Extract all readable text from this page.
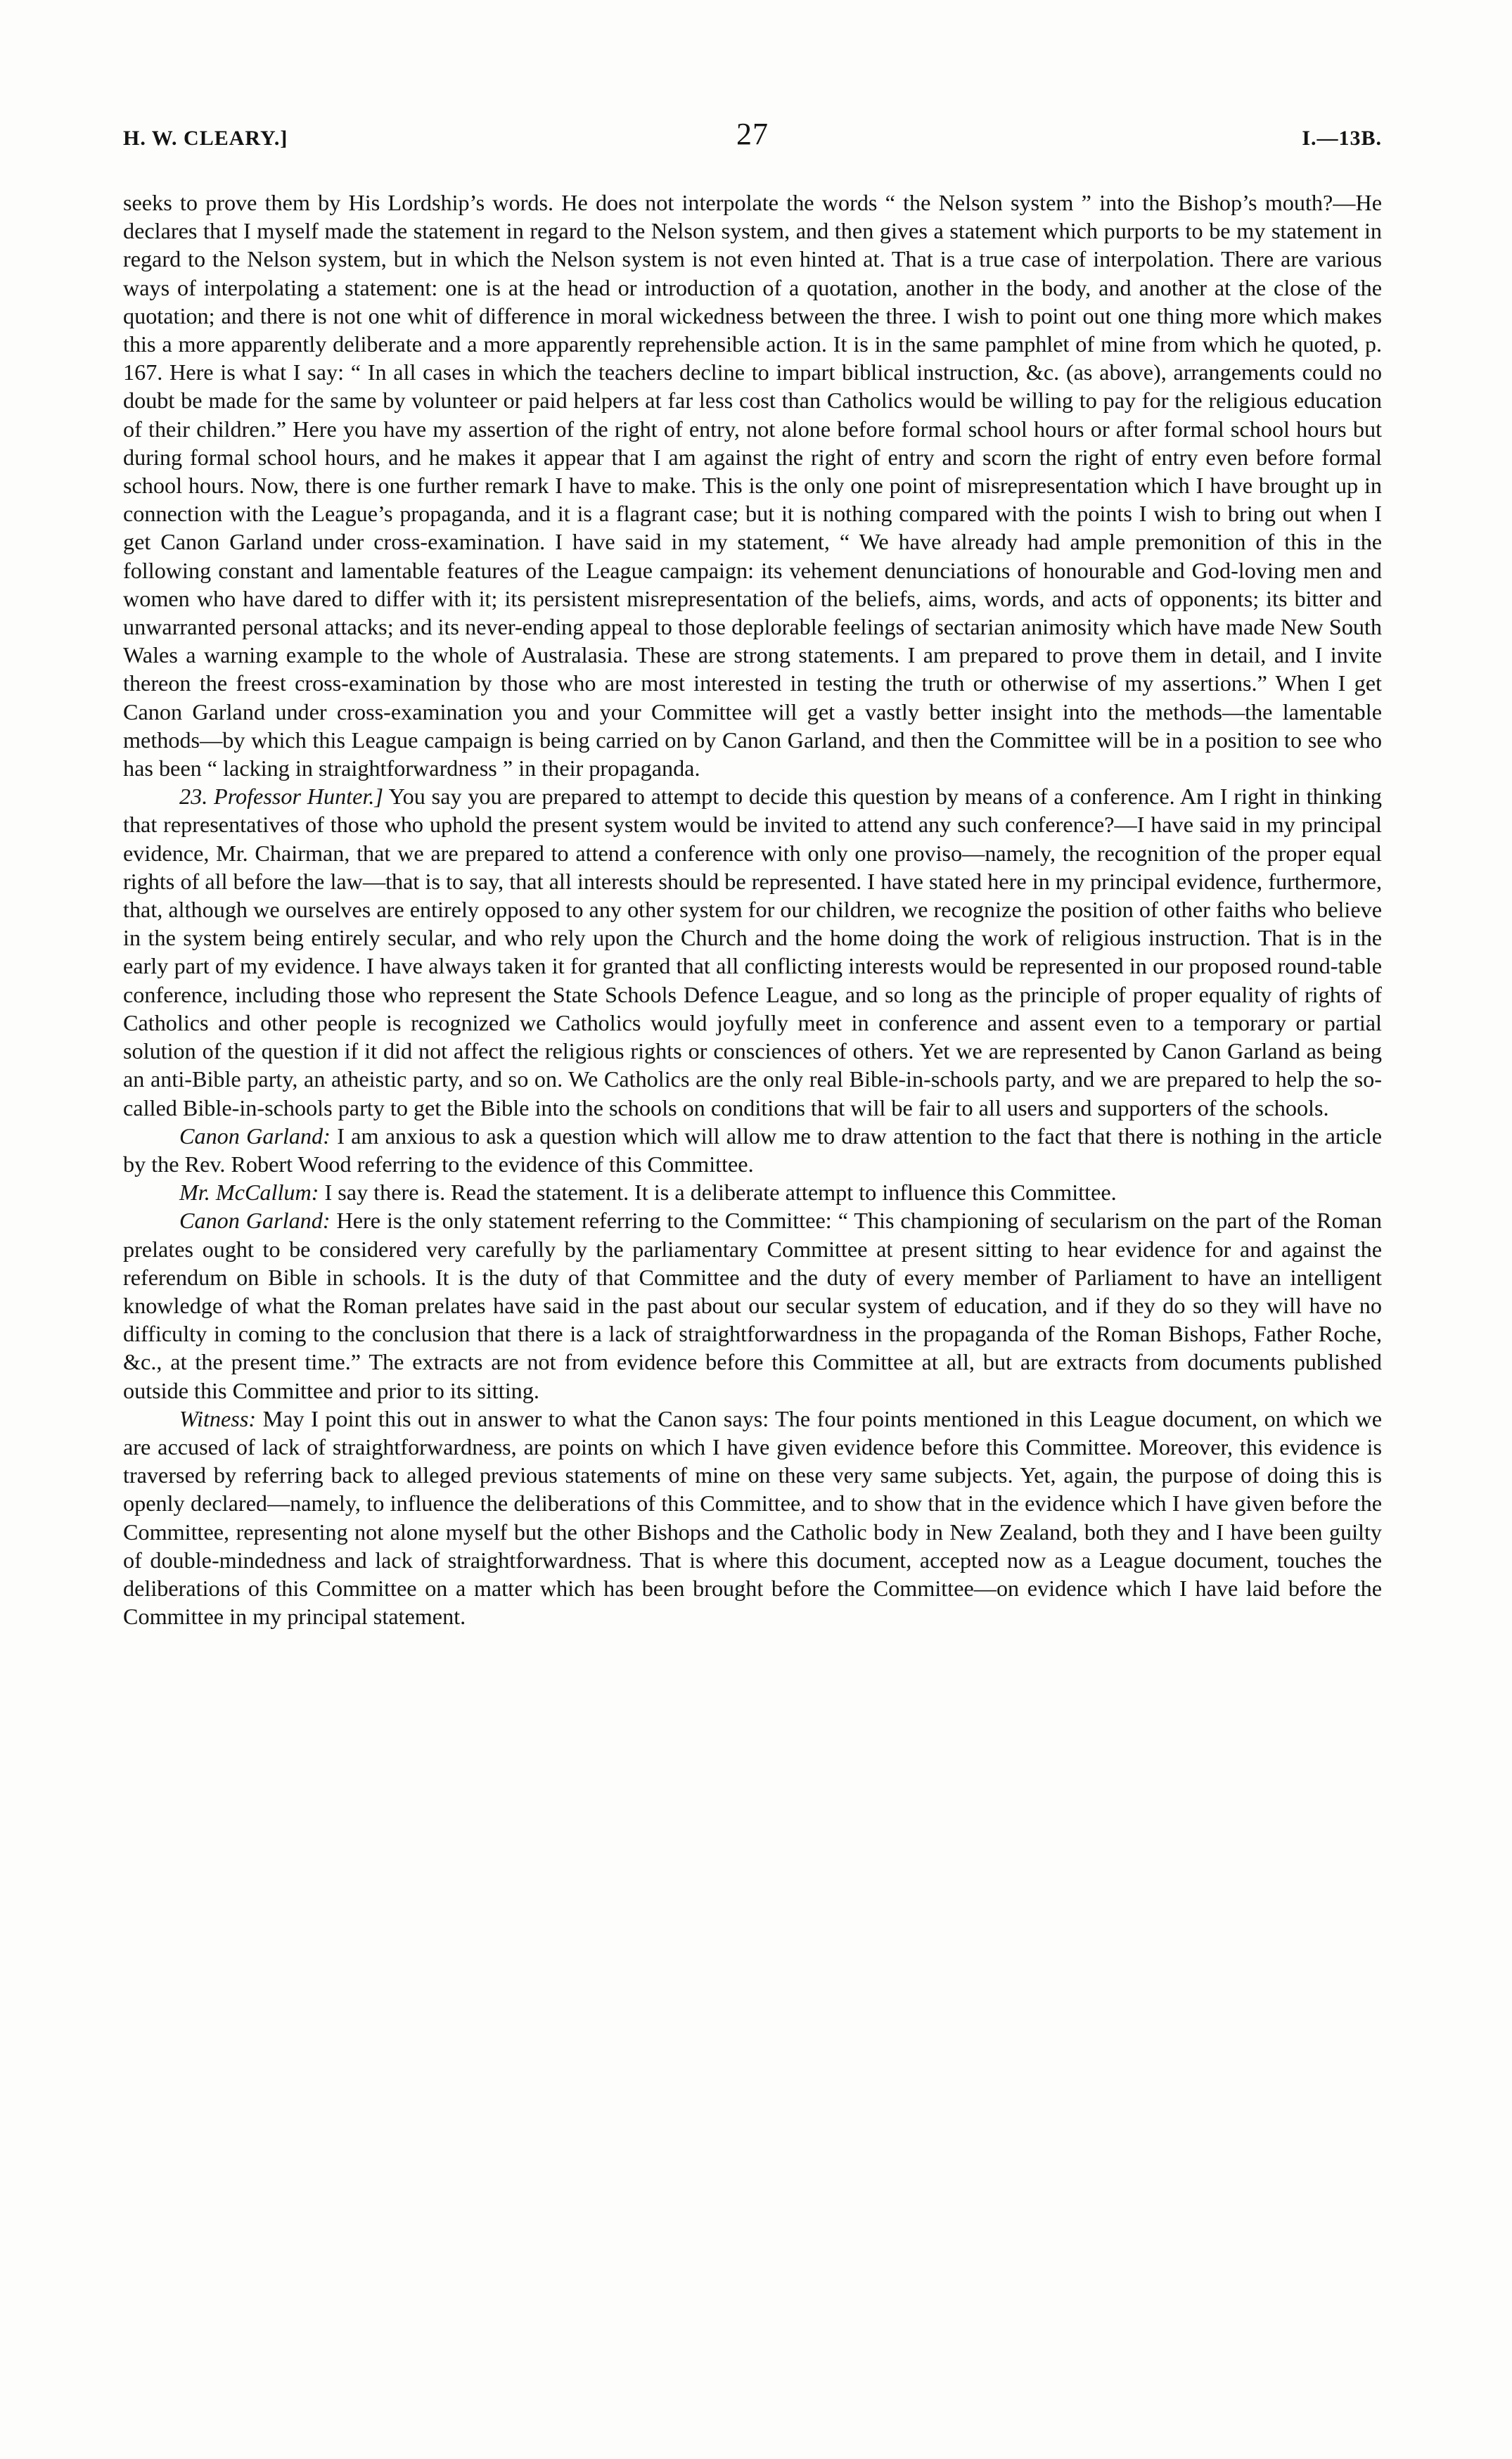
H. W. CLEARY.]	27	I.—13B.

seeks to prove them by His Lordship’s words. He does not interpolate the words “ the Nelson system ” into the Bishop’s mouth?—He declares that I myself made the statement in regard to the Nelson system, and then gives a statement which purports to be my statement in regard to the Nelson system, but in which the Nelson system is not even hinted at. That is a true case of interpolation. There are various ways of interpolating a statement: one is at the head or introduction of a quotation, another in the body, and another at the close of the quotation; and there is not one whit of difference in moral wickedness between the three. I wish to point out one thing more which makes this a more apparently deliberate and a more apparently reprehensible action. It is in the same pamphlet of mine from which he quoted, p. 167. Here is what I say: “ In all cases in which the teachers decline to impart biblical instruction, &c. (as above), arrangements could no doubt be made for the same by volunteer or paid helpers at far less cost than Catholics would be willing to pay for the religious education of their children.” Here you have my assertion of the right of entry, not alone before formal school hours or after formal school hours but during formal school hours, and he makes it appear that I am against the right of entry and scorn the right of entry even before formal school hours. Now, there is one further remark I have to make. This is the only one point of misrepresentation which I have brought up in connection with the League’s propaganda, and it is a flagrant case; but it is nothing compared with the points I wish to bring out when I get Canon Garland under cross-examination. I have said in my statement, “ We have already had ample premonition of this in the following constant and lamentable features of the League campaign: its vehement denunciations of honourable and God-loving men and women who have dared to differ with it; its persistent misrepresentation of the beliefs, aims, words, and acts of opponents; its bitter and unwarranted personal attacks; and its never-ending appeal to those deplorable feelings of sectarian animosity which have made New South Wales a warning example to the whole of Australasia. These are strong statements. I am prepared to prove them in detail, and I invite thereon the freest cross-examination by those who are most interested in testing the truth or otherwise of my assertions.” When I get Canon Garland under cross-examination you and your Committee will get a vastly better insight into the methods—the lamentable methods—by which this League campaign is being carried on by Canon Garland, and then the Committee will be in a position to see who has been “ lacking in straightforwardness ” in their propaganda.

23. Professor Hunter.] You say you are prepared to attempt to decide this question by means of a conference. Am I right in thinking that representatives of those who uphold the present system would be invited to attend any such conference?—I have said in my principal evidence, Mr. Chairman, that we are prepared to attend a conference with only one proviso—namely, the recognition of the proper equal rights of all before the law—that is to say, that all interests should be represented. I have stated here in my principal evidence, furthermore, that, although we ourselves are entirely opposed to any other system for our children, we recognize the position of other faiths who believe in the system being entirely secular, and who rely upon the Church and the home doing the work of religious instruction. That is in the early part of my evidence. I have always taken it for granted that all conflicting interests would be represented in our proposed round-table conference, including those who represent the State Schools Defence League, and so long as the principle of proper equality of rights of Catholics and other people is recognized we Catholics would joyfully meet in conference and assent even to a temporary or partial solution of the question if it did not affect the religious rights or consciences of others. Yet we are represented by Canon Garland as being an anti-Bible party, an atheistic party, and so on. We Catholics are the only real Bible-in-schools party, and we are prepared to help the so-called Bible-in-schools party to get the Bible into the schools on conditions that will be fair to all users and supporters of the schools.

Canon Garland: I am anxious to ask a question which will allow me to draw attention to the fact that there is nothing in the article by the Rev. Robert Wood referring to the evidence of this Committee.

Mr. McCallum: I say there is. Read the statement. It is a deliberate attempt to influence this Committee.

Canon Garland: Here is the only statement referring to the Committee: “ This championing of secularism on the part of the Roman prelates ought to be considered very carefully by the parliamentary Committee at present sitting to hear evidence for and against the referendum on Bible in schools. It is the duty of that Committee and the duty of every member of Parliament to have an intelligent knowledge of what the Roman prelates have said in the past about our secular system of education, and if they do so they will have no difficulty in coming to the conclusion that there is a lack of straightforwardness in the propaganda of the Roman Bishops, Father Roche, &c., at the present time.” The extracts are not from evidence before this Committee at all, but are extracts from documents published outside this Committee and prior to its sitting.

Witness: May I point this out in answer to what the Canon says: The four points mentioned in this League document, on which we are accused of lack of straightforwardness, are points on which I have given evidence before this Committee. Moreover, this evidence is traversed by referring back to alleged previous statements of mine on these very same subjects. Yet, again, the purpose of doing this is openly declared—namely, to influence the deliberations of this Committee, and to show that in the evidence which I have given before the Committee, representing not alone myself but the other Bishops and the Catholic body in New Zealand, both they and I have been guilty of double-mindedness and lack of straightforwardness. That is where this document, accepted now as a League document, touches the deliberations of this Committee on a matter which has been brought before the Committee—on evidence which I have laid before the Committee in my principal statement.
